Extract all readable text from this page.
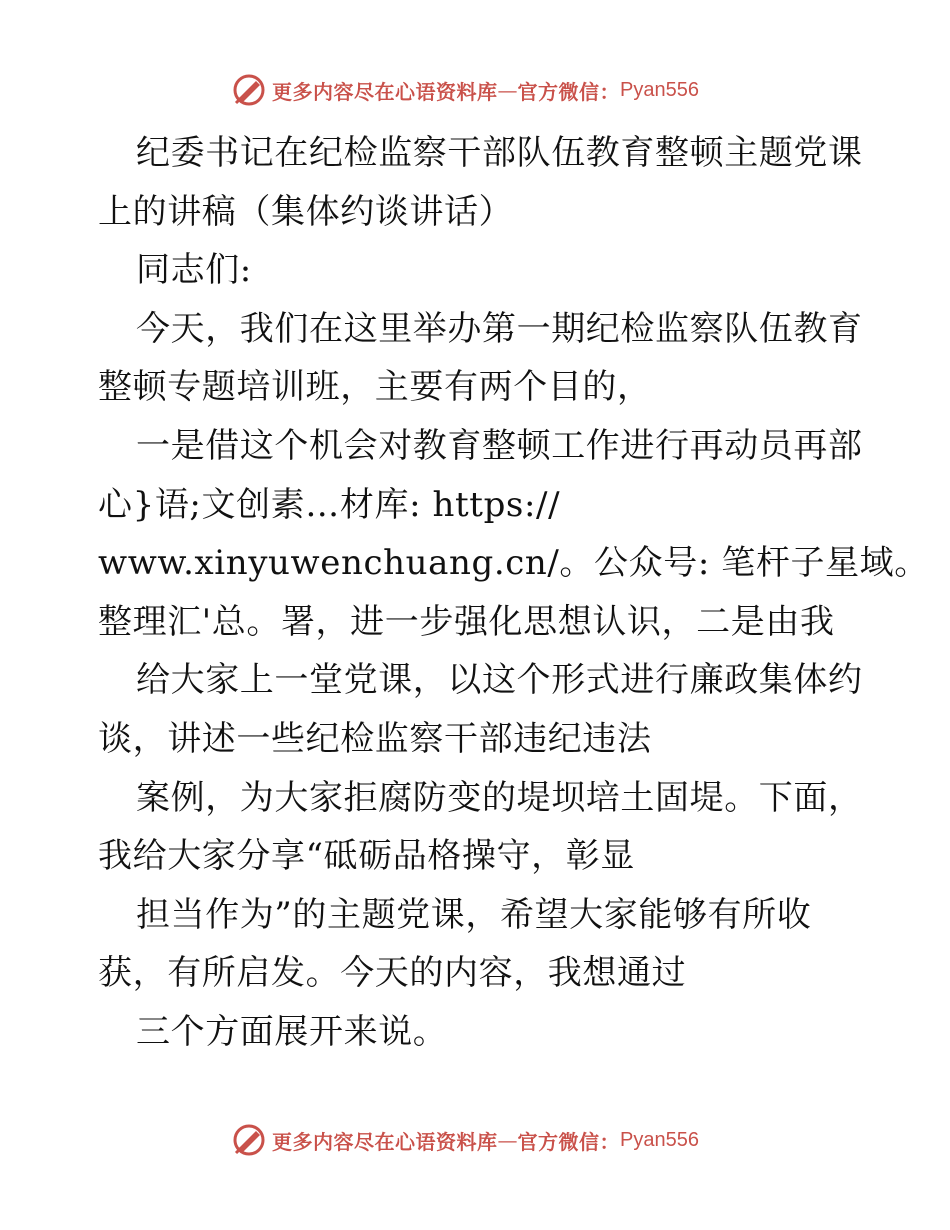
更多内容尽在心语资料库 — 官方微信： Pyan556
纪委书记在纪检监察干部队伍教育整顿主题党课
上的讲稿（集体约谈讲话）
同志们:
今天，我们在这里举办第一期纪检监察队伍教育
整顿专题培训班，主要有两个目的，
一是借这个机会对教育整顿工作进行再动员再部
心}语;文创素…材库: https://
www.xinyuwenchuang.cn/。公众号: 笔杆子星域。
整理汇'总。署，进一步强化思想认识，二是由我
给大家上一堂党课，以这个形式进行廉政集体约
谈，讲述一些纪检监察干部违纪违法
案例，为大家拒腐防变的堤坝培土固堤。下面，
我给大家分享“砥砺品格操守，彰显
担当作为”的主题党课，希望大家能够有所收
获，有所启发。今天的内容，我想通过
三个方面展开来说。
更多内容尽在心语资料库 — 官方微信： Pyan556
